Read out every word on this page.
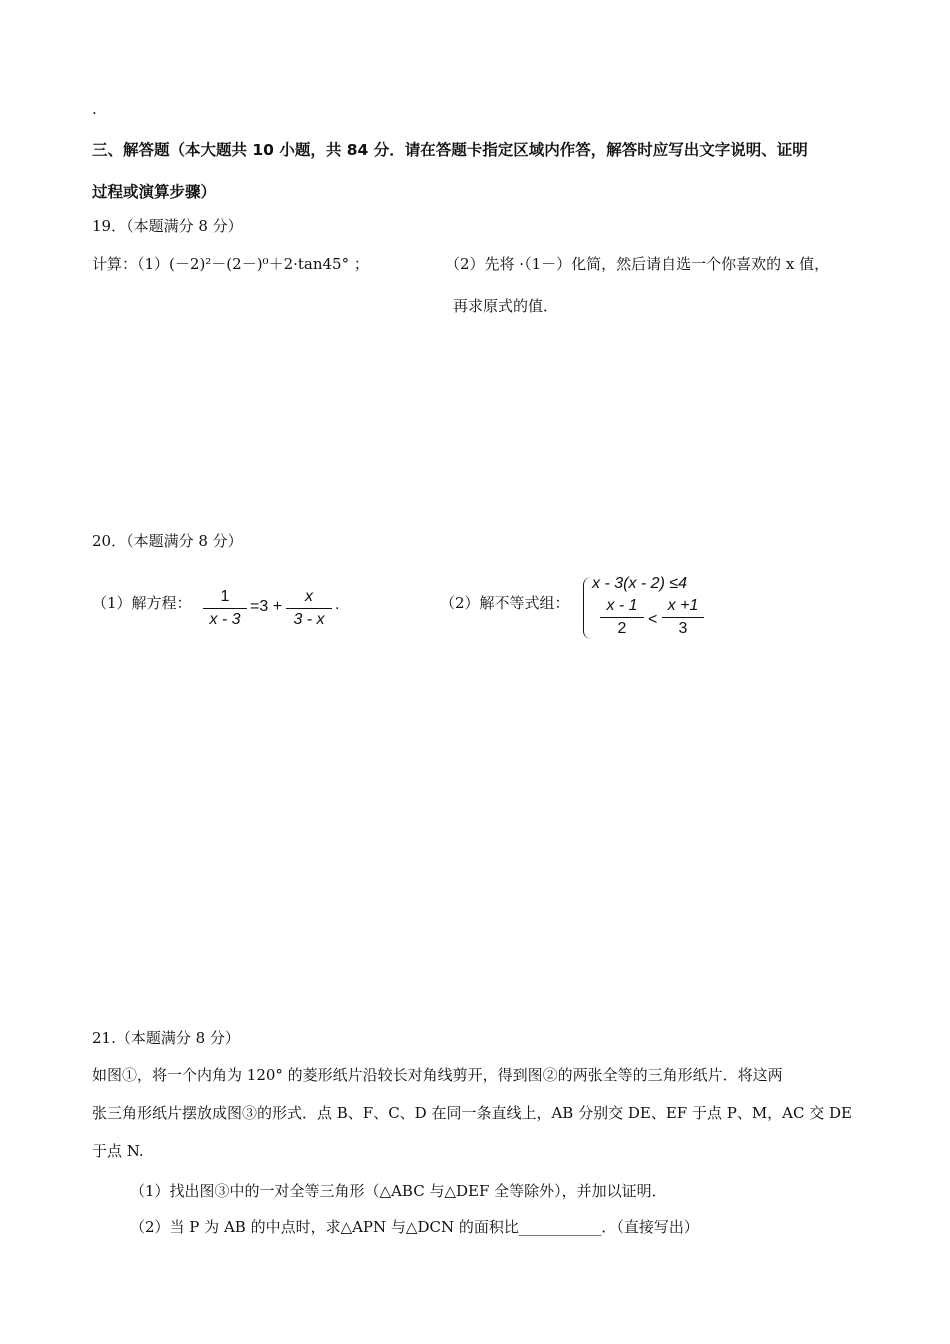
.
三、解答题（本大题共 10 小题，共 84 分．请在答题卡指定区域内作答，解答时应写出文字说明、证明
过程或演算步骤）
19．（本题满分 8 分）
计算：（1）(－2)²－(2－)⁰＋2·tan45° ；	（2）先将 ·（1－）化简，然后请自选一个你喜欢的 x 值，
再求原式的值．
20．（本题满分 8 分）
（1）解方程：	1
x - 3
=3 +
x
3 - x
.	（2）解不等式组：
x - 3(x - 2) ≤4
x - 1
2
<
x +1
3
21.（本题满分 8 分）
如图①，将一个内角为 120° 的菱形纸片沿较长对角线剪开，得到图②的两张全等的三角形纸片．将这两
张三角形纸片摆放成图③的形式．点 B、F、C、D 在同一条直线上，AB 分别交 DE、EF 于点 P、M，AC 交 DE
于点 N.
（1）找出图③中的一对全等三角形（△ABC 与△DEF 全等除外），并加以证明．
（2）当 P 为 AB 的中点时，求△APN 与△DCN 的面积比___________．（直接写出）
